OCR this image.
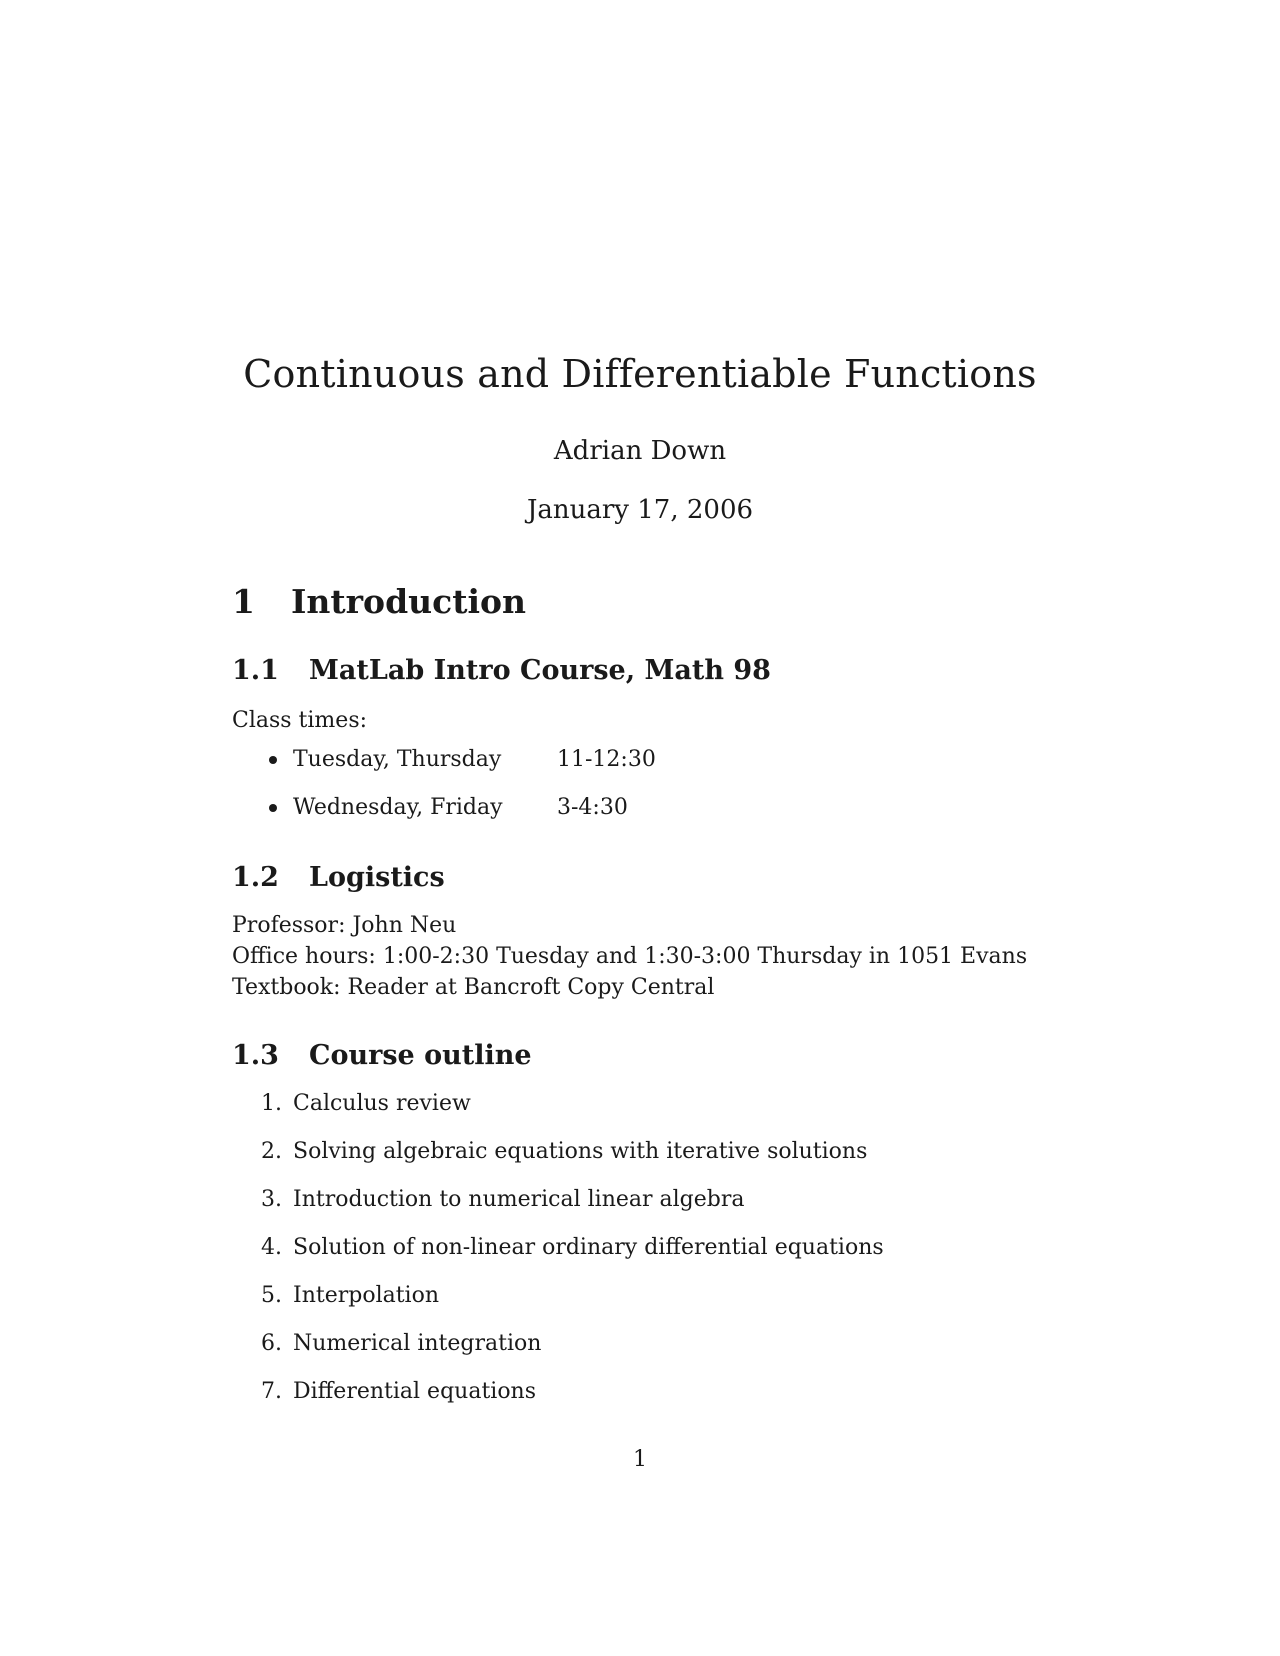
Continuous and Differentiable Functions
Adrian Down
January 17, 2006
1 Introduction
1.1 MatLab Intro Course, Math 98
Class times:
Tuesday, Thursday	11-12:30
Wednesday, Friday 3-4:30
1.2 Logistics
Professor: John Neu
Office hours: 1:00-2:30 Tuesday and 1:30-3:00 Thursday in 1051 Evans
Textbook: Reader at Bancroft Copy Central
1.3 Course outline
1. Calculus review
2. Solving algebraic equations with iterative solutions
3. Introduction to numerical linear algebra
4. Solution of non-linear ordinary differential equations
5. Interpolation
6. Numerical integration
7. Differential equations
1
